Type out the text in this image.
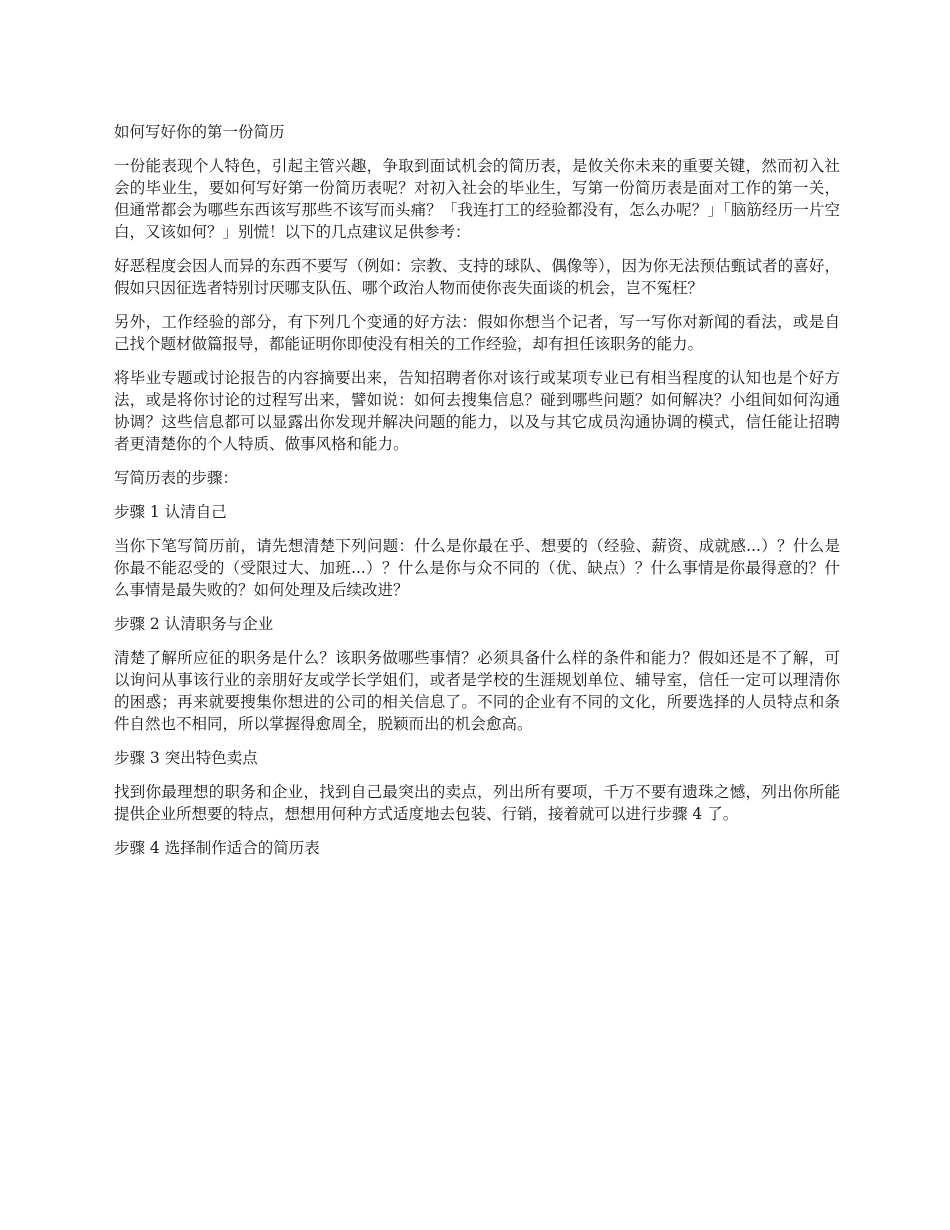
如何写好你的第一份简历

一份能表现个人特色，引起主管兴趣，争取到面试机会的简历表，是攸关你未来的重要关键，然而初入社会的毕业生，要如何写好第一份简历表呢？对初入社会的毕业生，写第一份简历表是面对工作的第一关，但通常都会为哪些东西该写那些不该写而头痛？「我连打工的经验都没有，怎么办呢？」「脑筋经历一片空白，又该如何？」别慌！以下的几点建议足供参考：

好恶程度会因人而异的东西不要写（例如：宗教、支持的球队、偶像等），因为你无法预估甄试者的喜好，假如只因征选者特别讨厌哪支队伍、哪个政治人物而使你丧失面谈的机会，岂不冤枉？

另外，工作经验的部分，有下列几个变通的好方法：假如你想当个记者，写一写你对新闻的看法，或是自己找个题材做篇报导，都能证明你即使没有相关的工作经验，却有担任该职务的能力。

将毕业专题或讨论报告的内容摘要出来，告知招聘者你对该行或某项专业已有相当程度的认知也是个好方法，或是将你讨论的过程写出来，譬如说：如何去搜集信息？碰到哪些问题？如何解决？小组间如何沟通协调？这些信息都可以显露出你发现并解决问题的能力，以及与其它成员沟通协调的模式，信任能让招聘者更清楚你的个人特质、做事风格和能力。

写简历表的步骤：
步骤 1 认清自己

当你下笔写简历前，请先想清楚下列问题：什么是你最在乎、想要的（经验、薪资、成就感...）？什么是你最不能忍受的（受限过大、加班...）？什么是你与众不同的（优、缺点）？什么事情是你最得意的？什么事情是最失败的？如何处理及后续改进？

步骤 2 认清职务与企业

清楚了解所应征的职务是什么？该职务做哪些事情？必须具备什么样的条件和能力？假如还是不了解，可以询问从事该行业的亲朋好友或学长学姐们，或者是学校的生涯规划单位、辅导室，信任一定可以理清你的困惑；再来就要搜集你想进的公司的相关信息了。不同的企业有不同的文化，所要选择的人员特点和条件自然也不相同，所以掌握得愈周全，脱颖而出的机会愈高。

步骤 3 突出特色卖点

找到你最理想的职务和企业，找到自己最突出的卖点，列出所有要项，千万不要有遗珠之憾，列出你所能提供企业所想要的特点，想想用何种方式适度地去包装、行销，接着就可以进行步骤 4 了。

步骤 4 选择制作适合的简历表
